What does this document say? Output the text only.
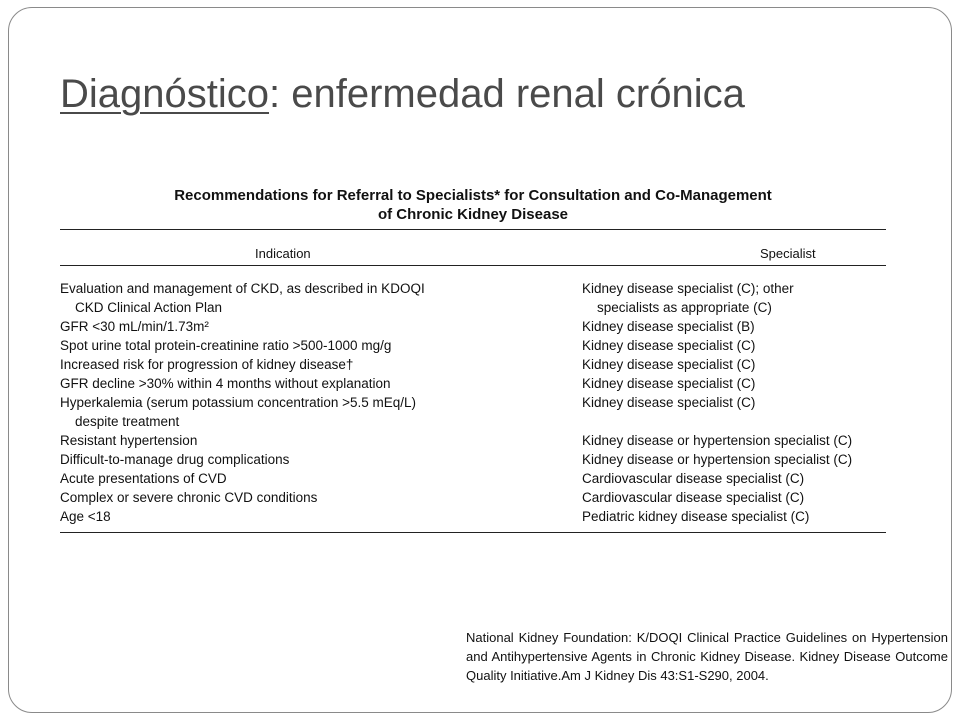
Diagnóstico: enfermedad renal crónica
Recommendations for Referral to Specialists* for Consultation and Co-Management
of Chronic Kidney Disease
Indication	Specialist
Evaluation and management of CKD, as described in KDOQI	Kidney disease specialist (C); other
CKD Clinical Action Plan	specialists as appropriate (C)
GFR <30 mL/min/1.73m²	Kidney disease specialist (B)
Spot urine total protein-creatinine ratio >500-1000 mg/g	Kidney disease specialist (C)
Increased risk for progression of kidney disease†	Kidney disease specialist (C)
GFR decline >30% within 4 months without explanation	Kidney disease specialist (C)
Hyperkalemia (serum potassium concentration >5.5 mEq/L)	Kidney disease specialist (C)
despite treatment
Resistant hypertension	Kidney disease or hypertension specialist (C)
Difficult-to-manage drug complications	Kidney disease or hypertension specialist (C)
Acute presentations of CVD	Cardiovascular disease specialist (C)
Complex or severe chronic CVD conditions	Cardiovascular disease specialist (C)
Age <18	Pediatric kidney disease specialist (C)
National Kidney Foundation: K/DOQI Clinical Practice Guidelines on Hypertension and Antihypertensive Agents in Chronic Kidney Disease. Kidney Disease Outcome Quality Initiative.Am J Kidney Dis 43:S1-S290, 2004.
